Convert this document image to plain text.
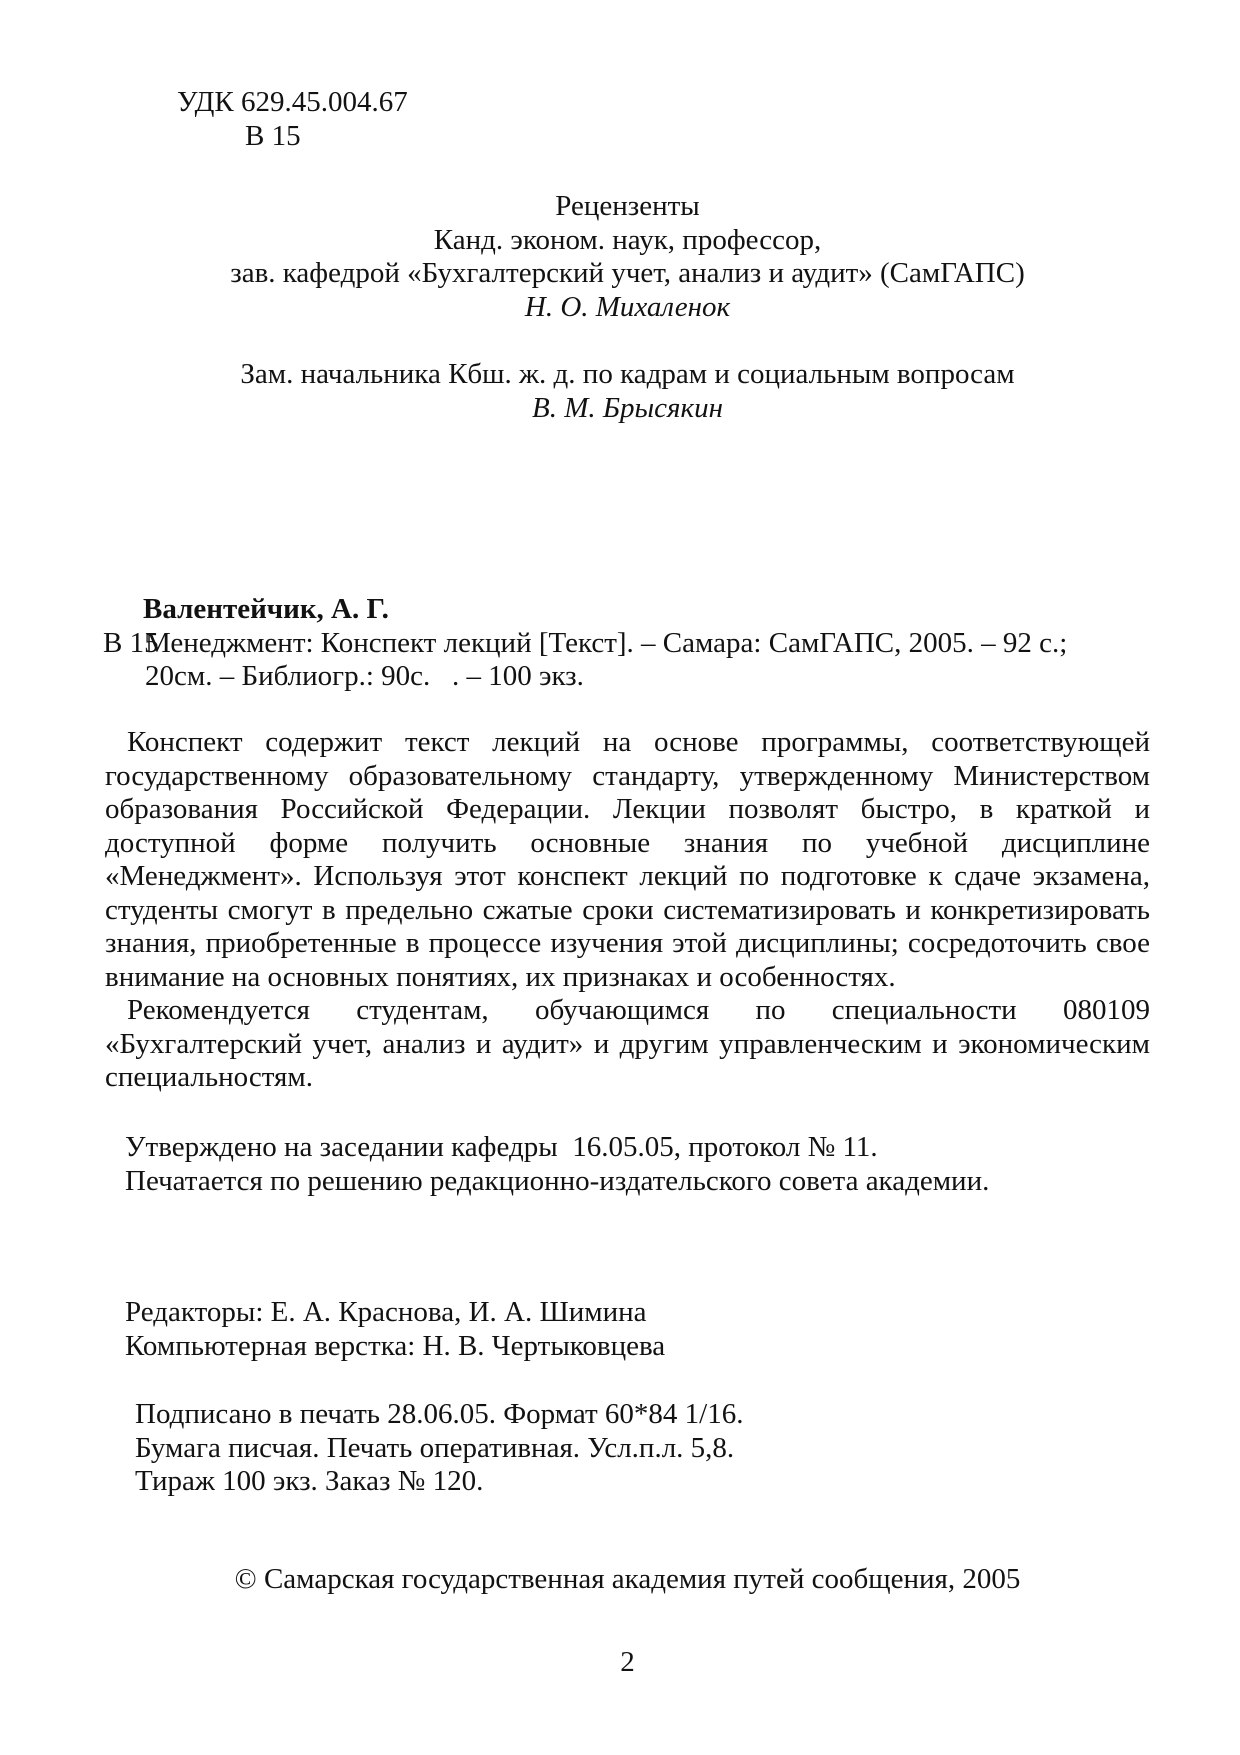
УДК 629.45.004.67
В 15
Рецензенты
Канд. эконом. наук, профессор,
зав. кафедрой «Бухгалтерский учет, анализ и аудит» (СамГАПС)
Н. О. Михаленок
Зам. начальника Кбш. ж. д. по кадрам и социальным вопросам
В. М. Брысякин
Валентейчик, А. Г.
В 15
Менеджмент: Конспект лекций [Текст]. – Самара: СамГАПС, 2005. – 92 с.;
20см. – Библиогр.: 90с.   . – 100 экз.

Конспект содержит текст лекций на основе программы, соответствующей государственному образовательному стандарту, утвержденному Министерством образования Российской Федерации. Лекции позволят быстро, в краткой и доступной форме получить основные знания по учебной дисциплине «Менеджмент». Используя этот конспект лекций по подготовке к сдаче экзамена, студенты смогут в предельно сжатые сроки систематизировать и конкретизировать знания, приобретенные в процессе изучения этой дисциплины; сосредоточить свое внимание на основных понятиях, их признаках и особенностях.

Рекомендуется студентам, обучающимся по специальности 080109 «Бухгалтерский учет, анализ и аудит» и другим управленческим и экономическим специальностям.

Утверждено на заседании кафедры  16.05.05, протокол № 11.
Печатается по решению редакционно-издательского совета академии.
Редакторы: Е. А. Краснова, И. А. Шимина
Компьютерная верстка: Н. В. Чертыковцева
Подписано в печать 28.06.05. Формат 60*84 1/16.
Бумага писчая. Печать оперативная. Усл.п.л. 5,8.
Тираж 100 экз. Заказ № 120.
© Самарская государственная академия путей сообщения, 2005
2
